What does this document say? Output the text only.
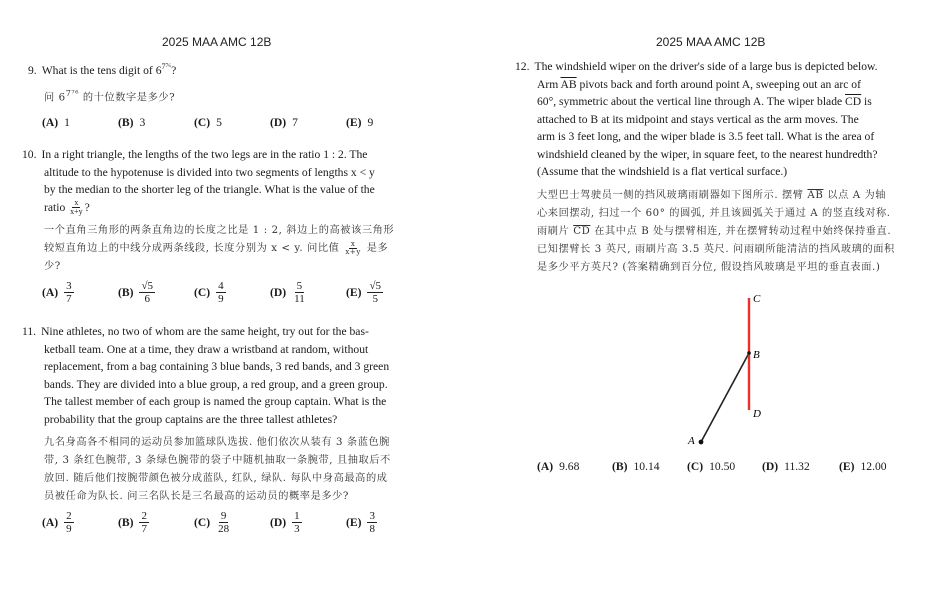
2025 MAA AMC 12B

9. What is the tens digit of $6^{7^{76}}$?

问 $6^{7^{76}}$ 的十位数字是多少?

(A) 1	(B) 3	(C) 5	(D) 7	(E) 9

10. In a right triangle, the lengths of the two legs are in the ratio 1 : 2. The
altitude to the hypotenuse is divided into two segments of lengths x < y
by the median to the shorter leg of the triangle. What is the value of the
ratio $\frac{x}{x+y}$ ?

一个直角三角形的两条直角边的长度之比是 1 : 2, 斜边上的高被该三角形
较短直角边上的中线分成两条线段, 长度分别为 x < y. 问比值 $\frac{x}{x+y}$ 是多
少?

$(A) \frac{3}{7}$	$(B) \frac{√5}{6}$	$(C) \frac{4}{9}$	$(D) \frac{5}{11}$	$(E) \frac{√5}{5}$

11. Nine athletes, no two of whom are the same height, try out for the bas-
ketball team. One at a time, they draw a wristband at random, without
replacement, from a bag containing 3 blue bands, 3 red bands, and 3 green
bands. They are divided into a blue group, a red group, and a green group.
The tallest member of each group is named the group captain. What is the
probability that the group captains are the three tallest athletes?

九名身高各不相同的运动员参加篮球队选拔. 他们依次从装有 3 条蓝色腕
带, 3 条红色腕带, 3 条绿色腕带的袋子中随机抽取一条腕带, 且抽取后不
放回. 随后他们按腕带颜色被分成蓝队, 红队, 绿队. 每队中身高最高的成
员被任命为队长. 问三名队长是三名最高的运动员的概率是多少?

$(A) \frac{2}{9}$	$(B) \frac{2}{7}$	$(C) \frac{9}{28}$	$(D) \frac{1}{3}$	$(E) \frac{3}{8}$
2025 MAA AMC 12B

12. The windshield wiper on the driver's side of a large bus is depicted below.
Arm $\overline{AB}$ pivots back and forth around point A, sweeping out an arc of
60°, symmetric about the vertical line through A. The wiper blade $\overline{CD}$ is
attached to B at its midpoint and stays vertical as the arm moves. The
arm is 3 feet long, and the wiper blade is 3.5 feet tall. What is the area of
windshield cleaned by the wiper, in square feet, to the nearest hundredth?
(Assume that the windshield is a flat vertical surface.)

大型巴士驾驶员一侧的挡风玻璃雨刷器如下图所示. 摆臂 $\overline{AB}$ 以点 A 为轴
心来回摆动, 扫过一个 60° 的圆弧, 并且该圆弧关于通过 A 的竖直线对称.
雨刷片 $\overline{CD}$ 在其中点 B 处与摆臂相连, 并在摆臂转动过程中始终保持垂直.
已知摆臂长 3 英尺, 雨刷片高 3.5 英尺. 问雨刷所能清洁的挡风玻璃的面积
是多少平方英尺? (答案精确到百分位, 假设挡风玻璃是平坦的垂直表面.)

A
B
C
D
(A) 9.68	(B) 10.14 (C) 10.50 (D) 11.32	(E) 12.00
